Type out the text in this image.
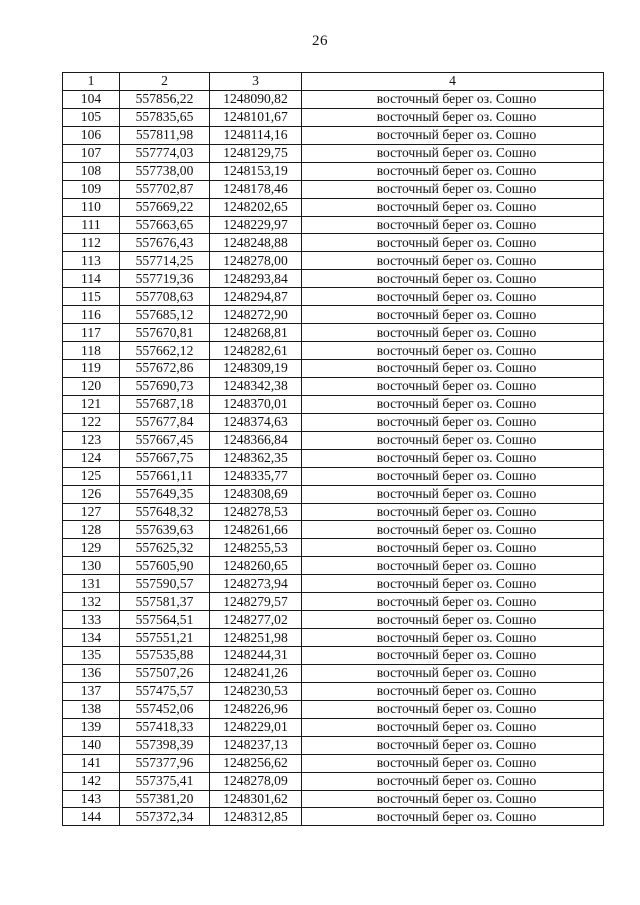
26
1	2	3	4
104	557856,22	1248090,82	восточный берег оз. Сошно
105	557835,65	1248101,67	восточный берег оз. Сошно
106	557811,98	1248114,16	восточный берег оз. Сошно
107	557774,03	1248129,75	восточный берег оз. Сошно
108	557738,00	1248153,19	восточный берег оз. Сошно
109	557702,87	1248178,46	восточный берег оз. Сошно
110	557669,22	1248202,65	восточный берег оз. Сошно
111	557663,65	1248229,97	восточный берег оз. Сошно
112	557676,43	1248248,88	восточный берег оз. Сошно
113	557714,25	1248278,00	восточный берег оз. Сошно
114	557719,36	1248293,84	восточный берег оз. Сошно
115	557708,63	1248294,87	восточный берег оз. Сошно
116	557685,12	1248272,90	восточный берег оз. Сошно
117	557670,81	1248268,81	восточный берег оз. Сошно
118	557662,12	1248282,61	восточный берег оз. Сошно
119	557672,86	1248309,19	восточный берег оз. Сошно
120	557690,73	1248342,38	восточный берег оз. Сошно
121	557687,18	1248370,01	восточный берег оз. Сошно
122	557677,84	1248374,63	восточный берег оз. Сошно
123	557667,45	1248366,84	восточный берег оз. Сошно
124	557667,75	1248362,35	восточный берег оз. Сошно
125	557661,11	1248335,77	восточный берег оз. Сошно
126	557649,35	1248308,69	восточный берег оз. Сошно
127	557648,32	1248278,53	восточный берег оз. Сошно
128	557639,63	1248261,66	восточный берег оз. Сошно
129	557625,32	1248255,53	восточный берег оз. Сошно
130	557605,90	1248260,65	восточный берег оз. Сошно
131	557590,57	1248273,94	восточный берег оз. Сошно
132	557581,37	1248279,57	восточный берег оз. Сошно
133	557564,51	1248277,02	восточный берег оз. Сошно
134	557551,21	1248251,98	восточный берег оз. Сошно
135	557535,88	1248244,31	восточный берег оз. Сошно
136	557507,26	1248241,26	восточный берег оз. Сошно
137	557475,57	1248230,53	восточный берег оз. Сошно
138	557452,06	1248226,96	восточный берег оз. Сошно
139	557418,33	1248229,01	восточный берег оз. Сошно
140	557398,39	1248237,13	восточный берег оз. Сошно
141	557377,96	1248256,62	восточный берег оз. Сошно
142	557375,41	1248278,09	восточный берег оз. Сошно
143	557381,20	1248301,62	восточный берег оз. Сошно
144	557372,34	1248312,85	восточный берег оз. Сошно
